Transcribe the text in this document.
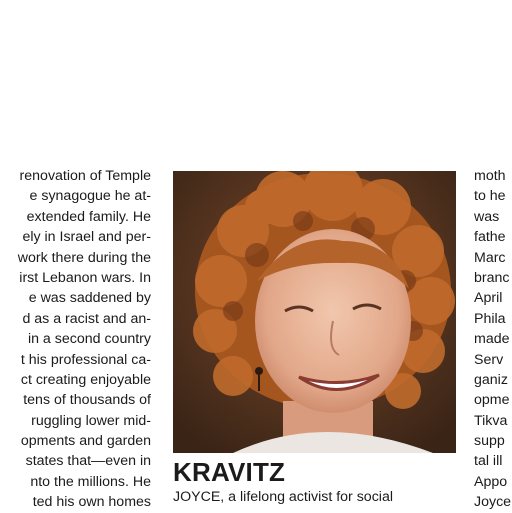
renovation of Temple
e synagogue he at-
extended family. He
ely in Israel and per-
work there during the
irst Lebanon wars. In
e was saddened by
d as a racist and an-
in a second country
t his professional ca-
ct creating enjoyable
tens of thousands of
ruggling lower mid-
opments and garden
states that—even in
nto the millions. He
ted his own homes
KRAVITZ
JOYCE, a lifelong activist for social
moth
to he
was
fathe
Marc
branc
April
Phila
made
Serv
ganiz
opme
Tikva
supp
tal ill
Appo
Joyce
